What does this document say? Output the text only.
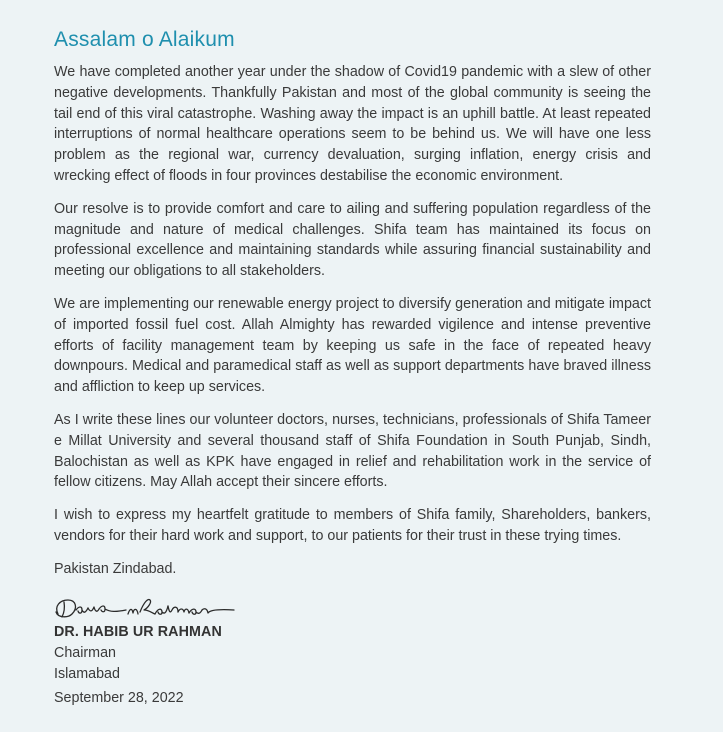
Assalam o Alaikum

We have completed another year under the shadow of Covid19 pandemic with a slew of other negative developments. Thankfully Pakistan and most of the global community is seeing the tail end of this viral catastrophe. Washing away the impact is an uphill battle. At least repeated interruptions of normal healthcare operations seem to be behind us. We will have one less problem as the regional war, currency devaluation, surging inflation, energy crisis and wrecking effect of floods in four provinces destabilise the economic environment.

Our resolve is to provide comfort and care to ailing and suffering population regardless of the magnitude and nature of medical challenges. Shifa team has maintained its focus on professional excellence and maintaining standards while assuring financial sustainability and meeting our obligations to all stakeholders.

We are implementing our renewable energy project to diversify generation and mitigate impact of imported fossil fuel cost. Allah Almighty has rewarded vigilence and intense preventive efforts of facility management team by keeping us safe in the face of repeated heavy downpours. Medical and paramedical staff as well as support departments have braved illness and affliction to keep up services.

As I write these lines our volunteer doctors, nurses, technicians, professionals of Shifa Tameer e Millat University and several thousand staff of Shifa Foundation in South Punjab, Sindh, Balochistan as well as KPK have engaged in relief and rehabilitation work in the service of fellow citizens. May Allah accept their sincere efforts.

I wish to express my heartfelt gratitude to members of Shifa family, Shareholders, bankers, vendors for their hard work and support, to our patients for their trust in these trying times.

Pakistan Zindabad.

DR. HABIB UR RAHMAN
Chairman
Islamabad
September 28, 2022
